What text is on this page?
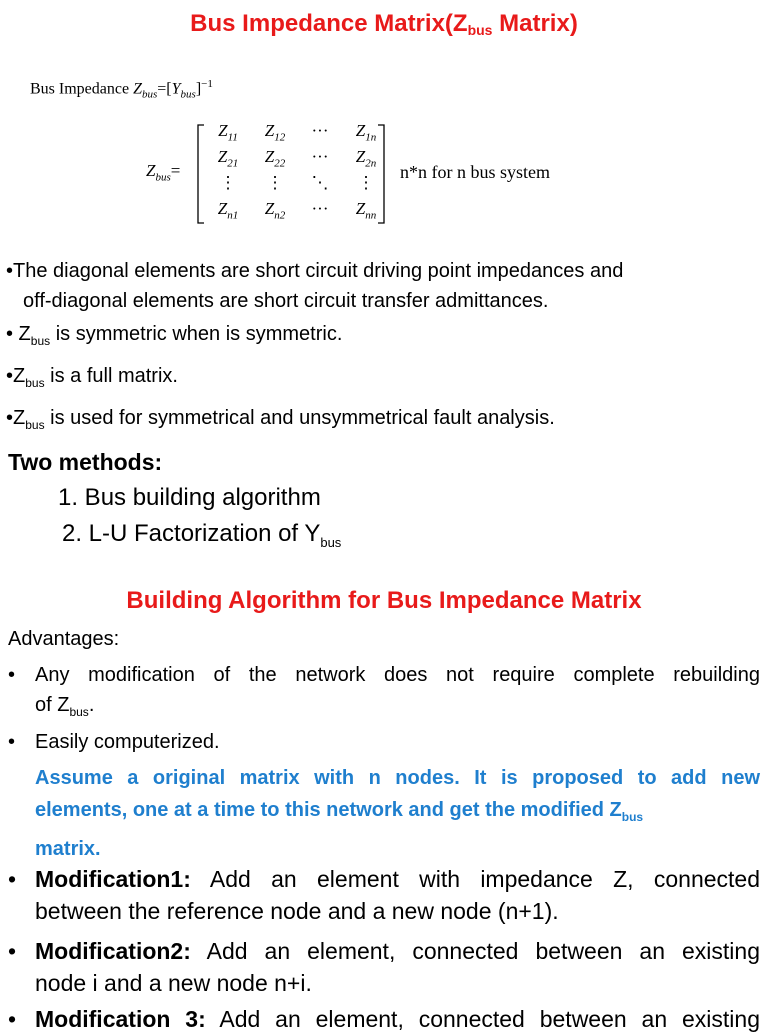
Bus Impedance $Matrix(Z_{bus}$ Matrix)
Bus Impedance $Z_{bus}=[Y_{bus}]^{-1}$
$Z_{bus}=$
$Z_{11}$	$Z_{12}$	···	$Z_{1n}$
$Z_{21}$	$Z_{22}$	···	$Z_{2n}$
⋮	⋮	⋱	⋮
$Z_{n1}$	$Z_{n2}$	···	$Z_{nn}$
n*n for n bus system
•The diagonal elements are short circuit driving point impedances and
off-diagonal elements are short circuit transfer admittances.
• $Z_{bus}$ is symmetric when is symmetric.
$•Z_{bus}$ is a full matrix.
$•Z_{bus}$ is used for symmetrical and unsymmetrical fault analysis.
Two methods:
1. Bus building algorithm
2. L-U Factorization of $Y_{bus}$
Building Algorithm for Bus Impedance Matrix
Advantages:
• Any modification of the network does not require complete rebuilding
of $Z_{bus}$.
• Easily computerized.
Assume a original matrix with n nodes. It is proposed to add new
elements, one at a time to this network and get the modified $Z_{bus}$
matrix.
• Modification1: Add an element with impedance Z, connected
between the reference node and a new node (n+1).
• Modification2: Add an element, connected between an existing
node i and a new node n+i.
• Modification 3: Add an element, connected between an existing
